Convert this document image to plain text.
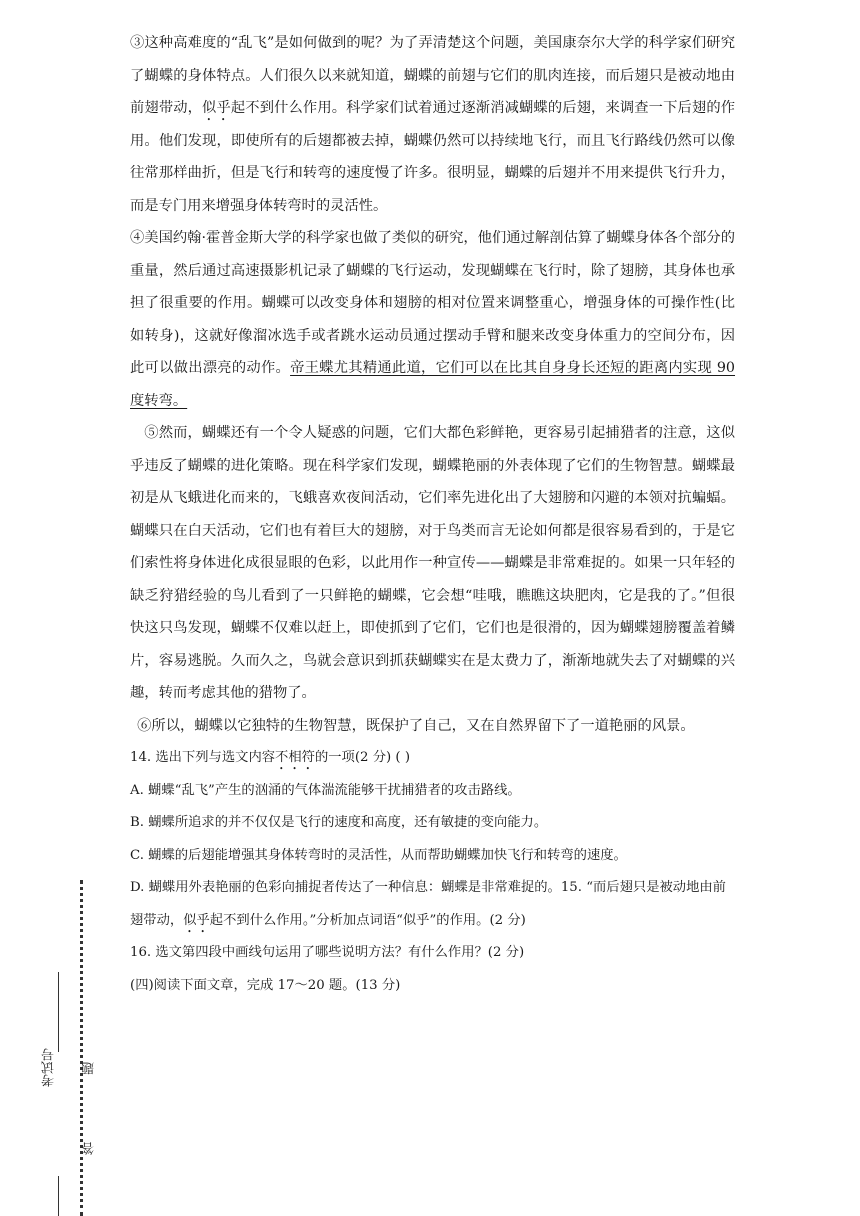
③这种高难度的“乱飞”是如何做到的呢？为了弄清楚这个问题，美国康奈尔大学的科学家们研究了蝴蝶的身体特点。人们很久以来就知道，蝴蝶的前翅与它们的肌肉连接，而后翅只是被动地由前翅带动，似乎起不到什么作用。科学家们试着通过逐渐消减蝴蝶的后翅，来调查一下后翅的作用。他们发现，即使所有的后翅都被去掉，蝴蝶仍然可以持续地飞行，而且飞行路线仍然可以像往常那样曲折，但是飞行和转弯的速度慢了许多。很明显，蝴蝶的后翅并不用来提供飞行升力，而是专门用来增强身体转弯时的灵活性。

④美国约翰·霍普金斯大学的科学家也做了类似的研究，他们通过解剖估算了蝴蝶身体各个部分的重量，然后通过高速摄影机记录了蝴蝶的飞行运动，发现蝴蝶在飞行时，除了翅膀，其身体也承担了很重要的作用。蝴蝶可以改变身体和翅膀的相对位置来调整重心，增强身体的可操作性(比如转身)，这就好像溜冰选手或者跳水运动员通过摆动手臂和腿来改变身体重力的空间分布，因此可以做出漂亮的动作。帝王蝶尤其精通此道，它们可以在比其自身身长还短的距离内实现 90 度转弯。

⑤然而，蝴蝶还有一个令人疑惑的问题，它们大都色彩鲜艳，更容易引起捕猎者的注意，这似乎违反了蝴蝶的进化策略。现在科学家们发现，蝴蝶艳丽的外表体现了它们的生物智慧。蝴蝶最初是从飞蛾进化而来的，飞蛾喜欢夜间活动，它们率先进化出了大翅膀和闪避的本领对抗蝙蝠。蝴蝶只在白天活动，它们也有着巨大的翅膀，对于鸟类而言无论如何都是很容易看到的，于是它们索性将身体进化成很显眼的色彩，以此用作一种宣传——蝴蝶是非常难捉的。如果一只年轻的缺乏狩猎经验的鸟儿看到了一只鲜艳的蝴蝶，它会想“哇哦，瞧瞧这块肥肉，它是我的了。”但很快这只鸟发现，蝴蝶不仅难以赶上，即使抓到了它们，它们也是很滑的，因为蝴蝶翅膀覆盖着鳞片，容易逃脱。久而久之，鸟就会意识到抓获蝴蝶实在是太费力了，渐渐地就失去了对蝴蝶的兴趣，转而考虑其他的猎物了。

⑥所以，蝴蝶以它独特的生物智慧，既保护了自己，又在自然界留下了一道艳丽的风景。

14. 选出下列与选文内容不相符的一项(2 分) ( )

A. 蝴蝶“乱飞”产生的汹涌的气体湍流能够干扰捕猎者的攻击路线。

B. 蝴蝶所追求的并不仅仅是飞行的速度和高度，还有敏捷的变向能力。

C. 蝴蝶的后翅能增强其身体转弯时的灵活性，从而帮助蝴蝶加快飞行和转弯的速度。

D. 蝴蝶用外表艳丽的色彩向捕捉者传达了一种信息：蝴蝶是非常难捉的。15. “而后翅只是被动地由前翅带动，似乎起不到什么作用。”分析加点词语“似乎”的作用。(2 分)

16. 选文第四段中画线句运用了哪些说明方法？有什么作用？(2 分)

(四)阅读下面文章，完成 17～20 题。(13 分)

考试号 题
答
